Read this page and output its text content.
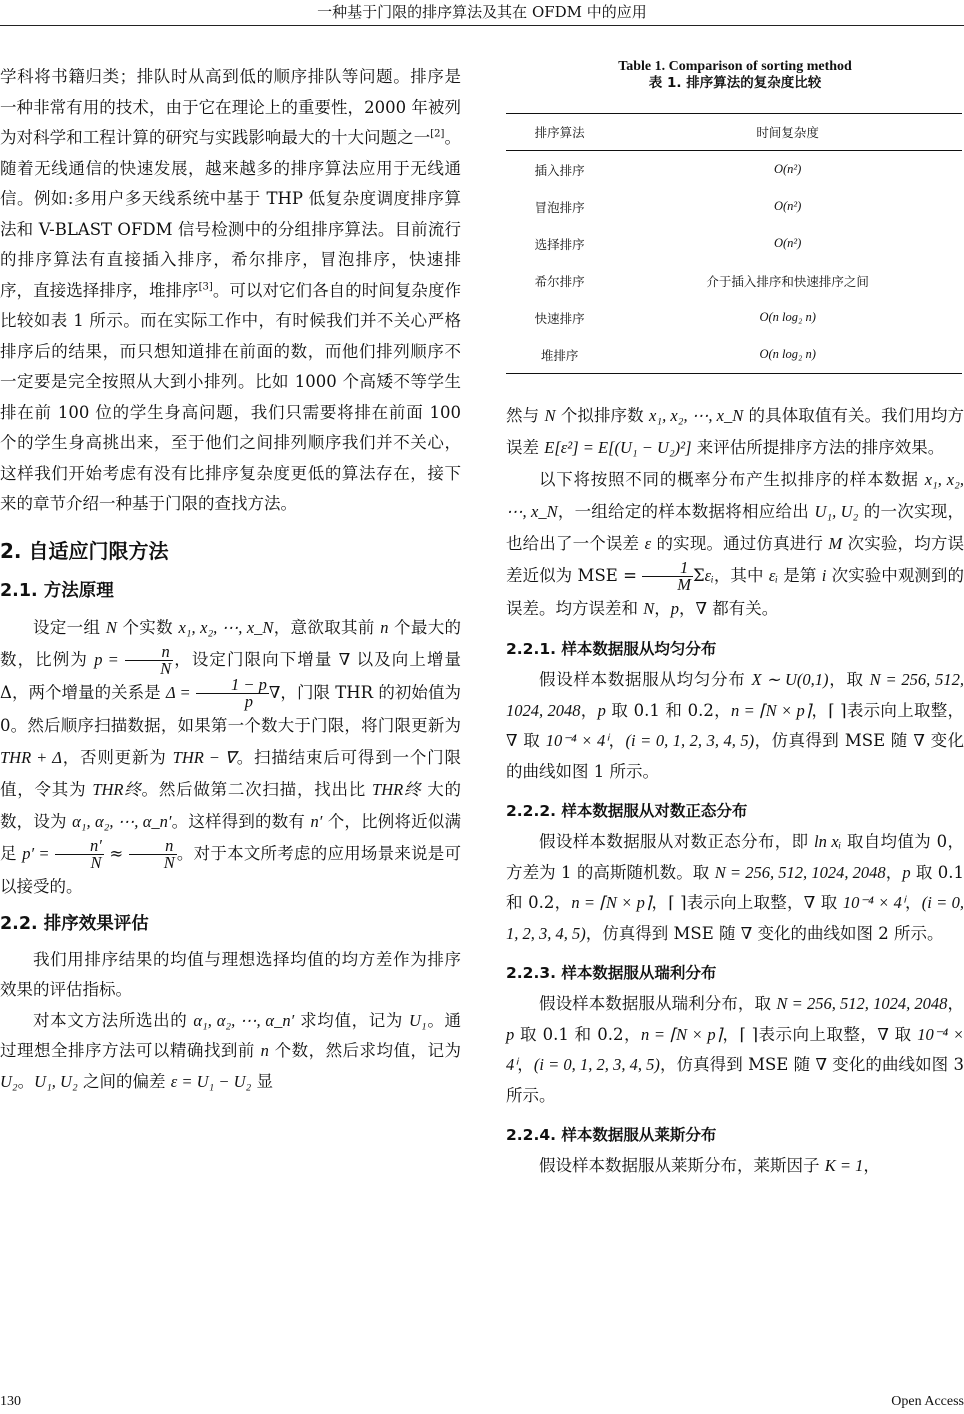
一种基于门限的排序算法及其在 OFDM 中的应用

学科将书籍归类；排队时从高到低的顺序排队等问题。排序是一种非常有用的技术，由于它在理论上的重要性，2000 年被列为对科学和工程计算的研究与实践影响最大的十大问题之一[2]。随着无线通信的快速发展，越来越多的排序算法应用于无线通信。例如:多用户多天线系统中基于 THP 低复杂度调度排序算法和 V-BLAST OFDM 信号检测中的分组排序算法。目前流行的排序算法有直接插入排序，希尔排序，冒泡排序，快速排序，直接选择排序，堆排序[3]。可以对它们各自的时间复杂度作比较如表 1 所示。而在实际工作中，有时候我们并不关心严格排序后的结果，而只想知道排在前面的数，而他们排列顺序不一定要是完全按照从大到小排列。比如 1000 个高矮不等学生排在前 100 位的学生身高问题，我们只需要将排在前面 100 个的学生身高挑出来，至于他们之间排列顺序我们并不关心，这样我们开始考虑有没有比排序复杂度更低的算法存在，接下来的章节介绍一种基于门限的查找方法。

2. 自适应门限方法
2.1. 方法原理

设定一组 N 个实数 x₁, x₂, ⋯, x_N，意欲取其前 n 个最大的数，比例为 $p = \frac{n}{N}$ ，设定门限向下增量 ∇ 以及向上增量 Δ，两个增量的关系是 $\Delta = \frac{1 - p}{p}$ ∇，门限 THR 的初始值为 0。然后顺序扫描数据，如果第一个数大于门限，将门限更新为 THR + Δ，否则更新为 THR − ∇。扫描结束后可得到一个门限值，令其为 THR终。然后做第二次扫描，找出比 THR终 大的数，设为 α₁, α₂, ⋯, α_n′。这样得到的数有 n′ 个，比例将近似满足 $p' = \frac{n'}{N} \approx \frac{n}{N}$ 。对于本文所考虑的应用场景来说是可以接受的。

2.2. 排序效果评估

我们用排序结果的均值与理想选择均值的均方差作为排序效果的评估指标。

对本文方法所选出的 α₁, α₂, ⋯, α_n′ 求均值，记为 U₁。通过理想全排序方法可以精确找到前 n 个数，然后求均值，记为 U₂。U₁, U₂ 之间的偏差 ε = U₁ − U₂ 显

Table 1. Comparison of sorting method
表 1. 排序算法的复杂度比较
排序算法	时间复杂度
插入排序	O(n²)
冒泡排序	O(n²)
选择排序	O(n²)
希尔排序	介于插入排序和快速排序之间
快速排序	O(n log₂ n)
堆排序	O(n log₂ n)

然与 N 个拟排序数 x₁, x₂, ⋯, x_N 的具体取值有关。我们用均方误差 E[ε²] = E[(U₁ − U₂)²] 来评估所提排序方法的排序效果。

以下将按照不同的概率分布产生拟排序的样本数据 x₁, x₂, ⋯, x_N，一组给定的样本数据将相应给出 U₁, U₂ 的一次实现，也给出了一个误差 ε 的实现。通过仿真进行 M 次实验，均方误差近似为 MSE = $\frac{1}{M}$ Σεᵢ，其中 εᵢ 是第 i 次实验中观测到的误差。均方误差和 N，p，∇ 都有关。

2.2.1. 样本数据服从均匀分布

假设样本数据服从均匀分布 X ∼ U(0,1)，取 N = 256, 512, 1024, 2048，p 取 0.1 和 0.2，n = ⌈N × p⌉，⌈ ⌉表示向上取整，∇ 取 10⁻⁴ × 4ⁱ，(i = 0, 1, 2, 3, 4, 5)，仿真得到 MSE 随 ∇ 变化的曲线如图 1 所示。

2.2.2. 样本数据服从对数正态分布

假设样本数据服从对数正态分布，即 ln xᵢ 取自均值为 0，方差为 1 的高斯随机数。取 N = 256, 512, 1024, 2048，p 取 0.1 和 0.2，n = ⌈N × p⌉，⌈ ⌉表示向上取整，∇ 取 10⁻⁴ × 4ⁱ，(i = 0, 1, 2, 3, 4, 5)，仿真得到 MSE 随 ∇ 变化的曲线如图 2 所示。

2.2.3. 样本数据服从瑞利分布

假设样本数据服从瑞利分布，取 N = 256, 512, 1024, 2048，p 取 0.1 和 0.2，n = ⌈N × p⌉，⌈ ⌉表示向上取整，∇ 取 10⁻⁴ × 4ⁱ，(i = 0, 1, 2, 3, 4, 5)，仿真得到 MSE 随 ∇ 变化的曲线如图 3 所示。

2.2.4. 样本数据服从莱斯分布

假设样本数据服从莱斯分布，莱斯因子 K = 1，

130	Open Access
